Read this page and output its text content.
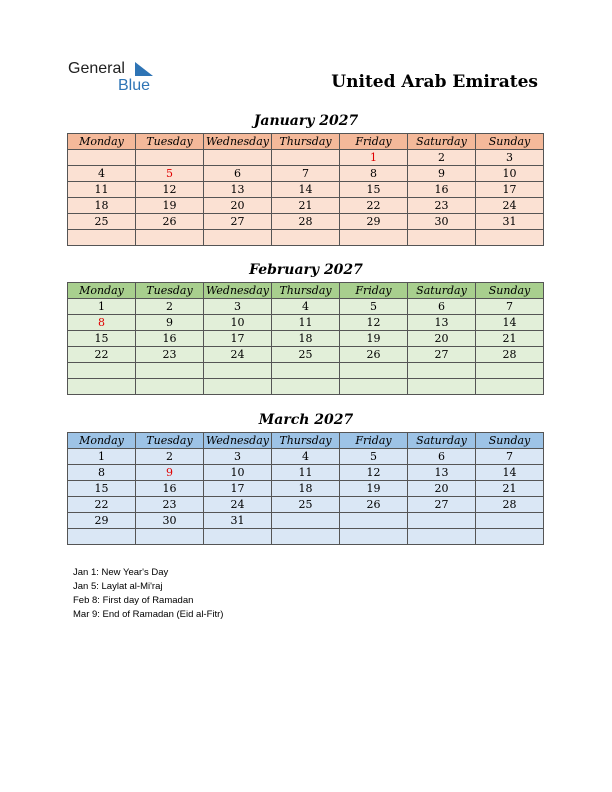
General
Blue	United Arab Emirates
January 2027
Monday	Tuesday	Wednesday	Thursday	Friday	Saturday	Sunday
				1	2	3
4	5	6	7	8	9	10
11	12	13	14	15	16	17
18	19	20	21	22	23	24
25	26	27	28	29	30	31

February 2027
Monday	Tuesday	Wednesday	Thursday	Friday	Saturday	Sunday
1	2	3	4	5	6	7
8	9	10	11	12	13	14
15	16	17	18	19	20	21
22	23	24	25	26	27	28

March 2027
Monday	Tuesday	Wednesday	Thursday	Friday	Saturday	Sunday
1	2	3	4	5	6	7
8	9	10	11	12	13	14
15	16	17	18	19	20	21
22	23	24	25	26	27	28
29	30	31				

Jan 1: New Year's Day
Jan 5: Laylat al-Mi'raj
Feb 8: First day of Ramadan
Mar 9: End of Ramadan (Eid al-Fitr)
